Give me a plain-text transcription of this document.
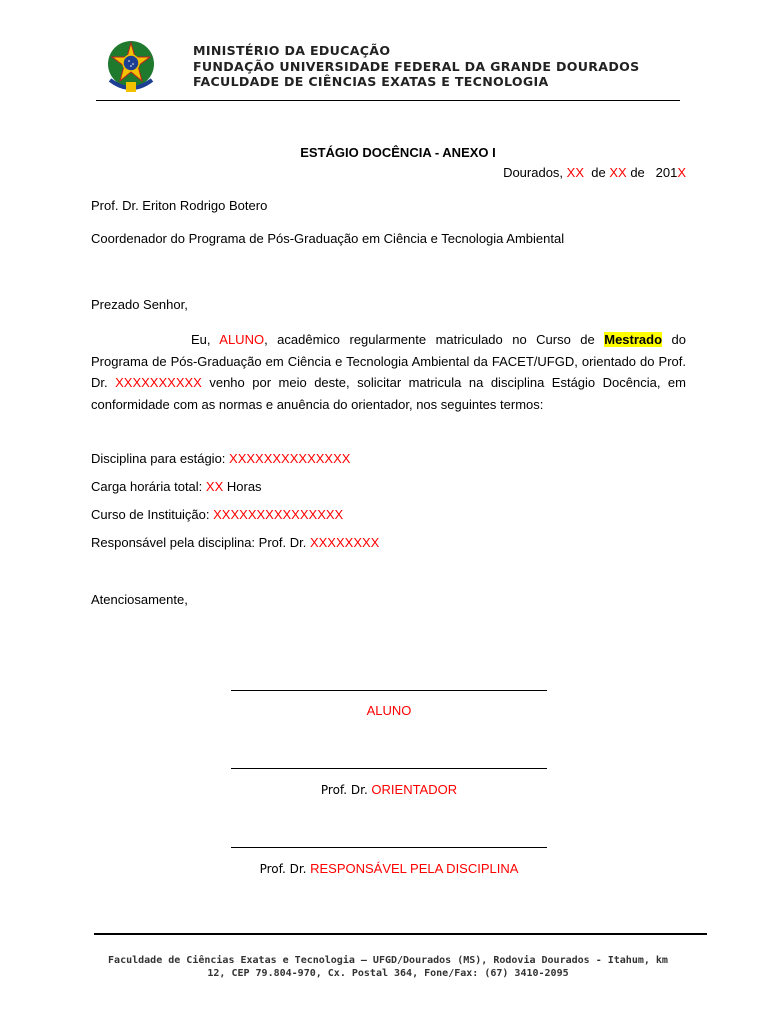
MINISTÉRIO DA EDUCAÇÃO
FUNDAÇÃO UNIVERSIDADE FEDERAL DA GRANDE DOURADOS
FACULDADE DE CIÊNCIAS EXATAS E TECNOLOGIA
ESTÁGIO DOCÊNCIA - ANEXO I
Dourados, XX de XX de 201X
Prof. Dr. Eriton Rodrigo Botero
Coordenador do Programa de Pós-Graduação em Ciência e Tecnologia Ambiental
Prezado Senhor,
Eu, ALUNO, acadêmico regularmente matriculado no Curso de Mestrado do Programa de Pós-Graduação em Ciência e Tecnologia Ambiental da FACET/UFGD, orientado do Prof. Dr. XXXXXXXXXX venho por meio deste, solicitar matricula na disciplina Estágio Docência, em conformidade com as normas e anuência do orientador, nos seguintes termos:
Disciplina para estágio: XXXXXXXXXXXXXX
Carga horária total: XX Horas
Curso de Instituição: XXXXXXXXXXXXXXX
Responsável pela disciplina: Prof. Dr. XXXXXXXX
Atenciosamente,
ALUNO
Prof. Dr. ORIENTADOR
Prof. Dr. RESPONSÁVEL PELA DISCIPLINA
Faculdade de Ciências Exatas e Tecnologia – UFGD/Dourados (MS), Rodovia Dourados - Itahum, km
12, CEP 79.804-970, Cx. Postal 364, Fone/Fax: (67) 3410-2095
